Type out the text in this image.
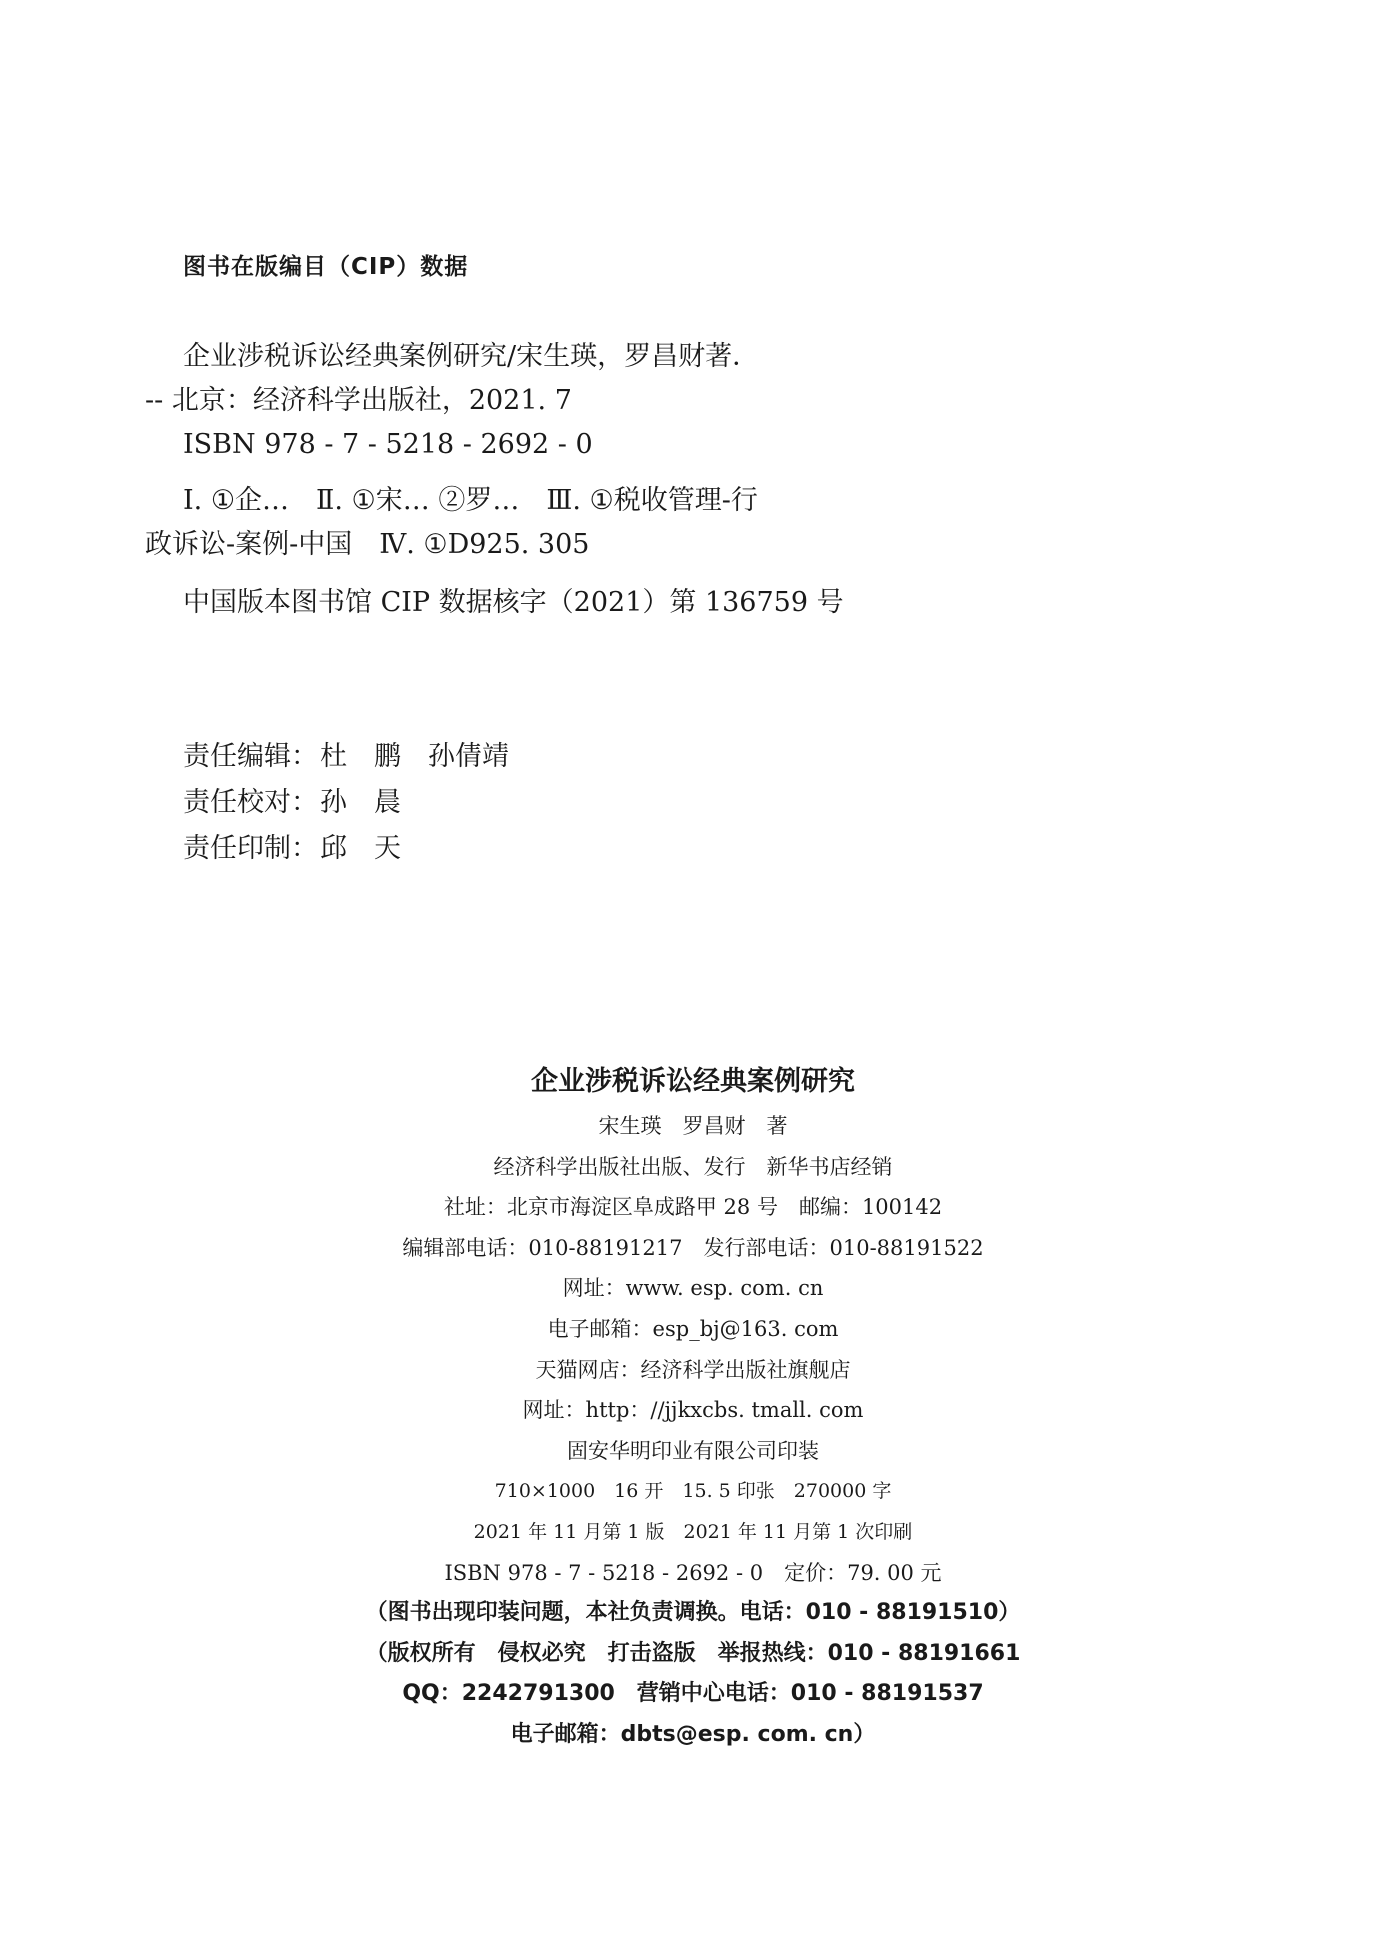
图书在版编目（CIP）数据
企业涉税诉讼经典案例研究/宋生瑛，罗昌财著．
-- 北京：经济科学出版社，2021. 7
ISBN 978 - 7 - 5218 - 2692 - 0
Ⅰ. ①企…　Ⅱ. ①宋… ②罗…　Ⅲ. ①税收管理-行
政诉讼-案例-中国　Ⅳ. ①D925. 305
中国版本图书馆 CIP 数据核字（2021）第 136759 号
责任编辑：杜　鹏　孙倩靖
责任校对：孙　晨
责任印制：邱　天
企业涉税诉讼经典案例研究
宋生瑛　罗昌财　著
经济科学出版社出版、发行　新华书店经销
社址：北京市海淀区阜成路甲 28 号　邮编：100142
编辑部电话：010-88191217　发行部电话：010-88191522
网址：www. esp. com. cn
电子邮箱：esp_bj@163. com
天猫网店：经济科学出版社旗舰店
网址：http：//jjkxcbs. tmall. com
固安华明印业有限公司印装
710×1000　16 开　15. 5 印张　270000 字
2021 年 11 月第 1 版　2021 年 11 月第 1 次印刷
ISBN 978 - 7 - 5218 - 2692 - 0　定价：79. 00 元
（图书出现印装问题，本社负责调换。电话：010 - 88191510）
（版权所有　侵权必究　打击盗版　举报热线：010 - 88191661
QQ：2242791300　营销中心电话：010 - 88191537
电子邮箱：dbts@esp. com. cn）
